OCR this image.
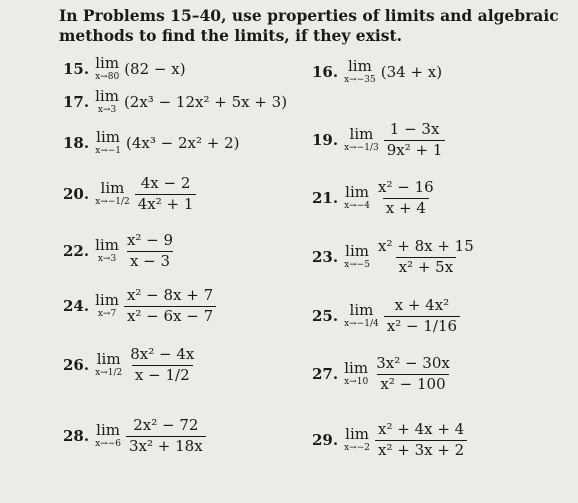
In Problems 15–40, use properties of limits and algebraic methods to find the limits, if they exist.
15. lim
x→80 (82 − x)	16. lim
x→−35 (34 + x)
17. lim
x→3 (2x³ − 12x² + 5x + 3)
18. lim
x→−1 (4x³ − 2x² + 2)	19. lim
$x\to-1/3 \frac{1 - 3x}{\text{9x² + 1}}$
20. lim
$x\to-1/2 \frac{4x - 2}{\text{4x² + 1}}$	21. lim
$x\to-4 \frac{\text{x² − 16}}{x + 4}$
22. lim
$x\to 3 \frac{\text{x² − 9}}{x - 3}$	23. lim
$x\to-5 \frac{\text{x² + 8x + 15}}{\text{x² + 5x}}$
24. lim
$x\to 7 \frac{\text{x² − 8x + 7}}{\text{x² − 6x − 7}}$	25. lim
$x\to-1/4 \frac{\text{x + 4x²}}{\text{x² − 1/16}}$
26. lim
$x\to 1/2 \frac{\text{8x² − 4x}}{x - 1/2}$	27. lim
$x\to 10 \frac{\text{3x² − 30x}}{\text{x² − 100}}$
28. lim
$x\to-6 \frac{\text{2x² − 72}}{\text{3x² + 18x}}$	29. lim
$x\to-2 \frac{\text{x² + 4x + 4}}{\text{x² + 3x + 2}}$
